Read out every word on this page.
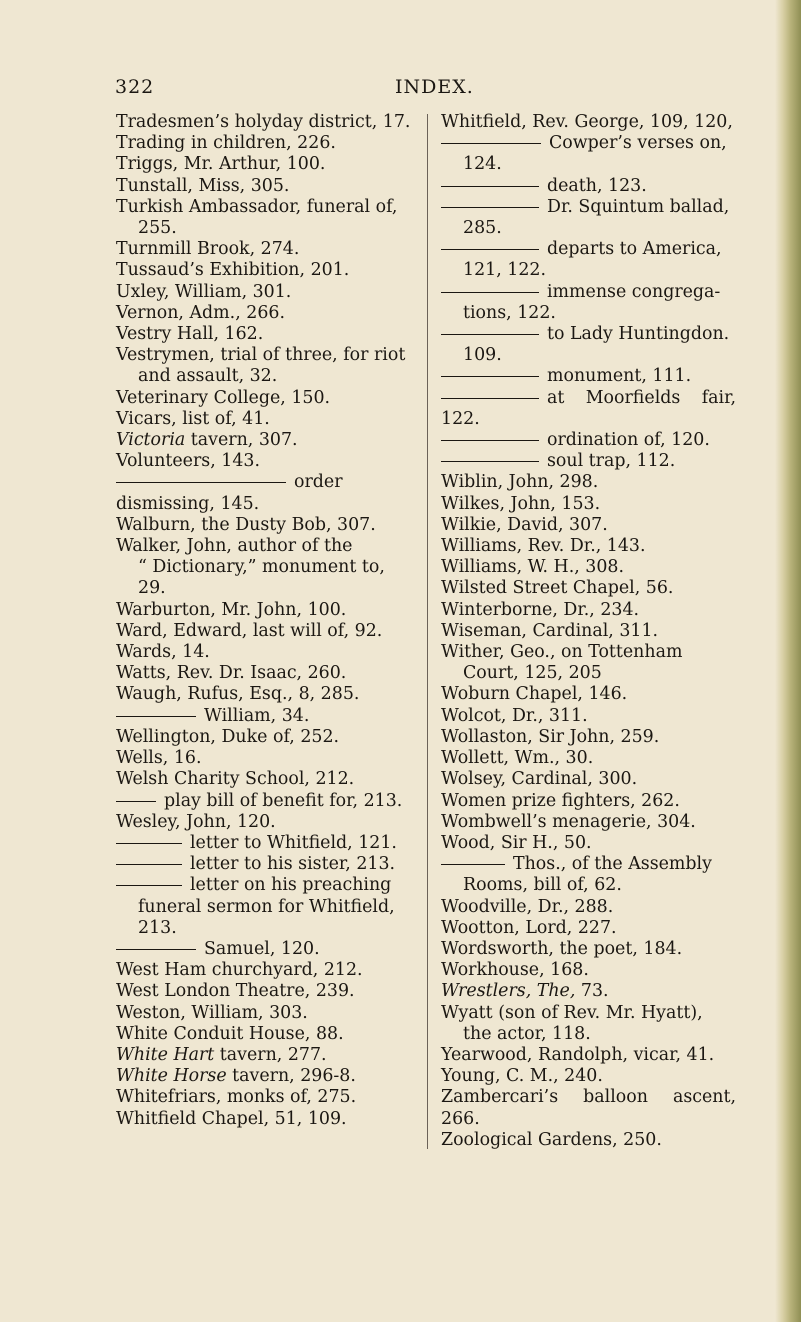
322	INDEX.
Tradesmen’s holyday district, 17.
Trading in children, 226.
Triggs, Mr. Arthur, 100.
Tunstall, Miss, 305.
Turkish Ambassador, funeral of,
255.
Turnmill Brook, 274.
Tussaud’s Exhibition, 201.
Uxley, William, 301.
Vernon, Adm., 266.
Vestry Hall, 162.
Vestrymen, trial of three, for riot
and assault, 32.
Veterinary College, 150.
Vicars, list of, 41.
Victoria tavern, 307.
Volunteers, 143.
order dismissing, 145.
Walburn, the Dusty Bob, 307.
Walker, John, author of the
“ Dictionary,” monument to,
29.
Warburton, Mr. John, 100.
Ward, Edward, last will of, 92.
Wards, 14.
Watts, Rev. Dr. Isaac, 260.
Waugh, Rufus, Esq., 8, 285.
William, 34.
Wellington, Duke of, 252.
Wells, 16.
Welsh Charity School, 212.
play bill of benefit for, 213.
Wesley, John, 120.
letter to Whitfield, 121.
letter to his sister, 213.
letter on his preaching
funeral sermon for Whitfield,
213.
Samuel, 120.
West Ham churchyard, 212.
West London Theatre, 239.
Weston, William, 303.
White Conduit House, 88.
White Hart tavern, 277.
White Horse tavern, 296-8.
Whitefriars, monks of, 275.
Whitfield Chapel, 51, 109.
Whitfield, Rev. George, 109, 120,
Cowper’s verses on,
124.
death, 123.
Dr. Squintum ballad,
285.
departs to America,
121, 122.
immense congrega-
tions, 122.
to Lady Huntingdon.
109.
monument, 111.
at Moorfields fair, 122.
ordination of, 120.
soul trap, 112.
Wiblin, John, 298.
Wilkes, John, 153.
Wilkie, David, 307.
Williams, Rev. Dr., 143.
Williams, W. H., 308.
Wilsted Street Chapel, 56.
Winterborne, Dr., 234.
Wiseman, Cardinal, 311.
Wither, Geo., on Tottenham
Court, 125, 205
Woburn Chapel, 146.
Wolcot, Dr., 311.
Wollaston, Sir John, 259.
Wollett, Wm., 30.
Wolsey, Cardinal, 300.
Women prize fighters, 262.
Wombwell’s menagerie, 304.
Wood, Sir H., 50.
Thos., of the Assembly
Rooms, bill of, 62.
Woodville, Dr., 288.
Wootton, Lord, 227.
Wordsworth, the poet, 184.
Workhouse, 168.
Wrestlers, The, 73.
Wyatt (son of Rev. Mr. Hyatt),
the actor, 118.
Yearwood, Randolph, vicar, 41.
Young, C. M., 240.
Zambercari’s balloon ascent, 266.
Zoological Gardens, 250.
